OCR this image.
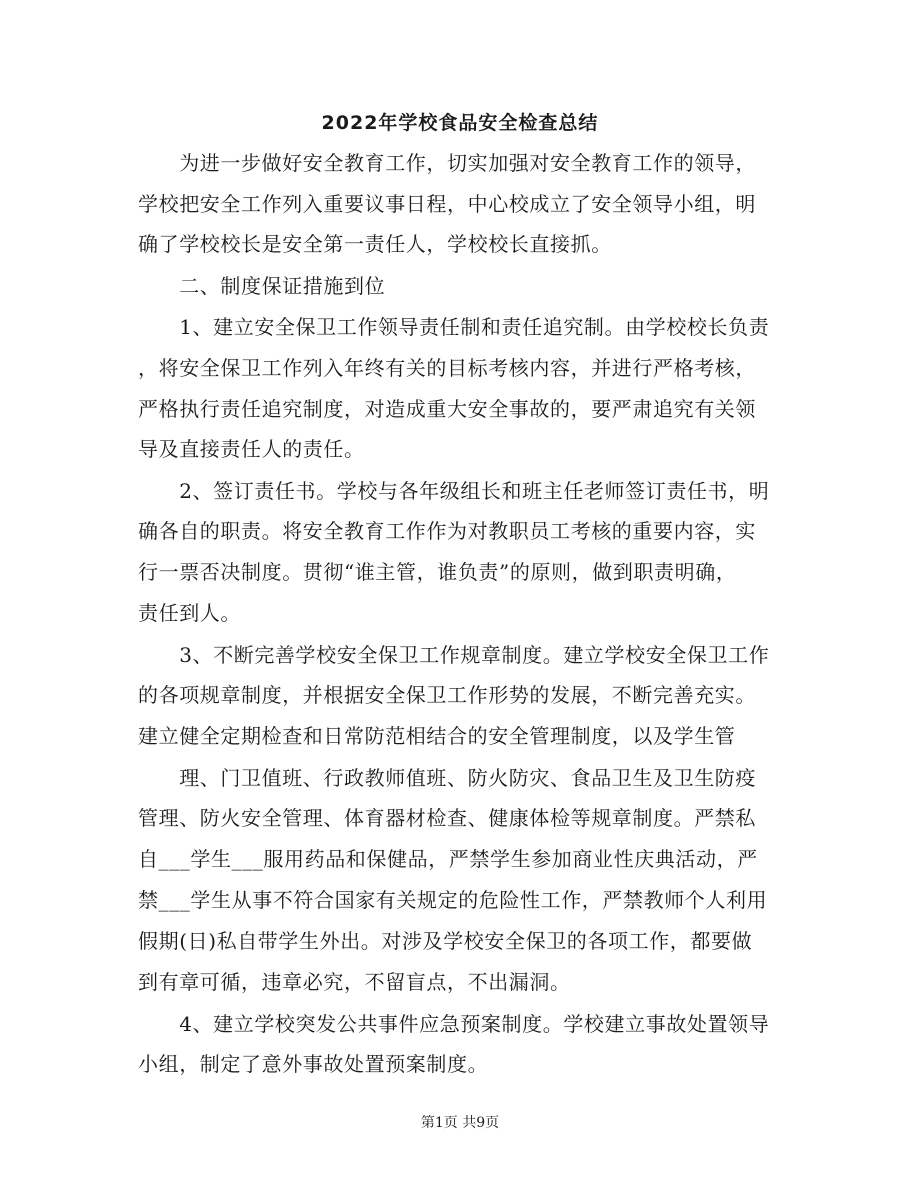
2022年学校食品安全检查总结
　　为进一步做好安全教育工作，切实加强对安全教育工作的领导，
学校把安全工作列入重要议事日程，中心校成立了安全领导小组，明
确了学校校长是安全第一责任人，学校校长直接抓。
　　二、制度保证措施到位
　　1、建立安全保卫工作领导责任制和责任追究制。由学校校长负责
，将安全保卫工作列入年终有关的目标考核内容，并进行严格考核，
严格执行责任追究制度，对造成重大安全事故的，要严肃追究有关领
导及直接责任人的责任。
　　2、签订责任书。学校与各年级组长和班主任老师签订责任书，明
确各自的职责。将安全教育工作作为对教职员工考核的重要内容，实
行一票否决制度。贯彻“谁主管，谁负责”的原则，做到职责明确，
责任到人。
　　3、不断完善学校安全保卫工作规章制度。建立学校安全保卫工作
的各项规章制度，并根据安全保卫工作形势的发展，不断完善充实。
建立健全定期检查和日常防范相结合的安全管理制度，以及学生管
　　理、门卫值班、行政教师值班、防火防灾、食品卫生及卫生防疫
管理、防火安全管理、体育器材检查、健康体检等规章制度。严禁私
自___学生___服用药品和保健品，严禁学生参加商业性庆典活动，严
禁___学生从事不符合国家有关规定的危险性工作，严禁教师个人利用
假期(日)私自带学生外出。对涉及学校安全保卫的各项工作，都要做
到有章可循，违章必究，不留盲点，不出漏洞。
　　4、建立学校突发公共事件应急预案制度。学校建立事故处置领导
小组，制定了意外事故处置预案制度。
第1页 共9页
